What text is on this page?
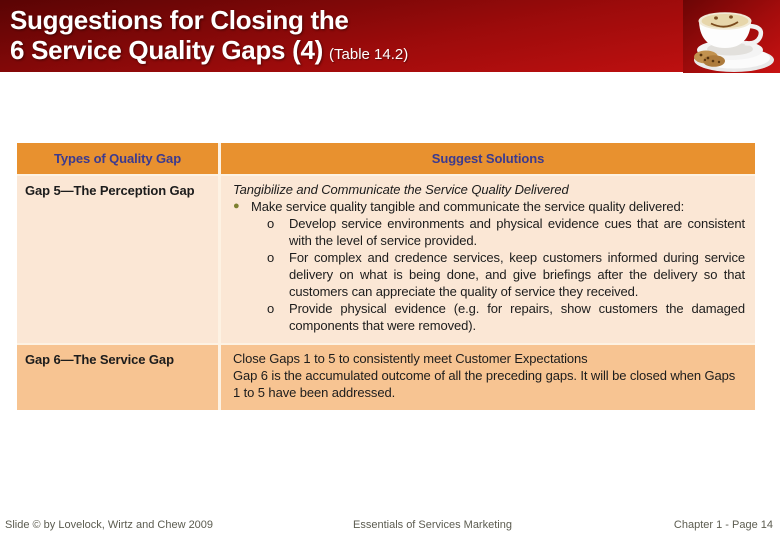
Suggestions for Closing the
6 Service Quality Gaps (4) (Table 14.2)
Types of Quality Gap	Suggest Solutions
Gap 5—The Perception Gap	Tangibilize and Communicate the Service Quality Delivered
● Make service quality tangible and communicate the service quality delivered:
o	Develop service environments and physical evidence cues that are consistent with the level of service provided.
o	For complex and credence services, keep customers informed during service delivery on what is being done, and give briefings after the delivery so that customers can appreciate the quality of service they received.
o	Provide physical evidence (e.g. for repairs, show customers the damaged components that were removed).
Gap 6—The Service Gap	Close Gaps 1 to 5 to consistently meet Customer Expectations
Gap 6 is the accumulated outcome of all the preceding gaps. It will be closed when Gaps 1 to 5 have been addressed.
Slide © by Lovelock, Wirtz and Chew 2009	Essentials of Services Marketing	Chapter 1 - Page 14
